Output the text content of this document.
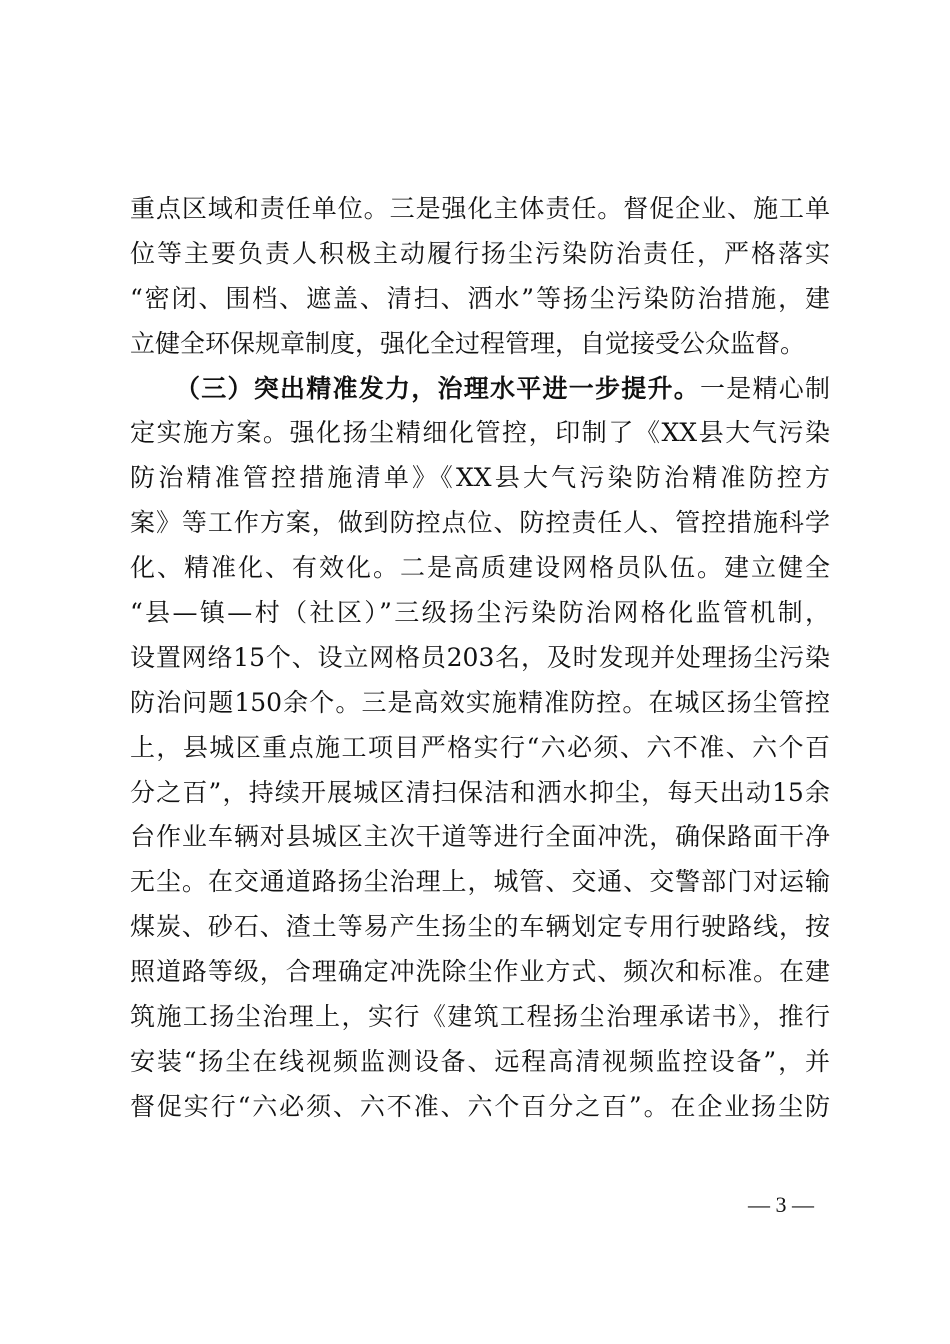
重点区域和责任单位。三是强化主体责任。督促企业、施工单
位等主要负责人积极主动履行扬尘污染防治责任，严格落实
“密闭、围档、遮盖、清扫、洒水”等扬尘污染防治措施，建
立健全环保规章制度，强化全过程管理，自觉接受公众监督。
（三）突出精准发力，治理水平进一步提升。一是精心制
定实施方案。强化扬尘精细化管控，印制了《XX县大气污染
防治精准管控措施清单》《XX县大气污染防治精准防控方
案》等工作方案，做到防控点位、防控责任人、管控措施科学
化、精准化、有效化。二是高质建设网格员队伍。建立健全
“县—镇—村（社区）”三级扬尘污染防治网格化监管机制，
设置网络15个、设立网格员203名，及时发现并处理扬尘污染
防治问题150余个。三是高效实施精准防控。在城区扬尘管控
上，县城区重点施工项目严格实行“六必须、六不准、六个百
分之百”，持续开展城区清扫保洁和洒水抑尘，每天出动15余
台作业车辆对县城区主次干道等进行全面冲洗，确保路面干净
无尘。在交通道路扬尘治理上，城管、交通、交警部门对运输
煤炭、砂石、渣土等易产生扬尘的车辆划定专用行驶路线，按
照道路等级，合理确定冲洗除尘作业方式、频次和标准。在建
筑施工扬尘治理上，实行《建筑工程扬尘治理承诺书》，推行
安装“扬尘在线视频监测设备、远程高清视频监控设备”，并
督促实行“六必须、六不准、六个百分之百”。在企业扬尘防
— 3 —
